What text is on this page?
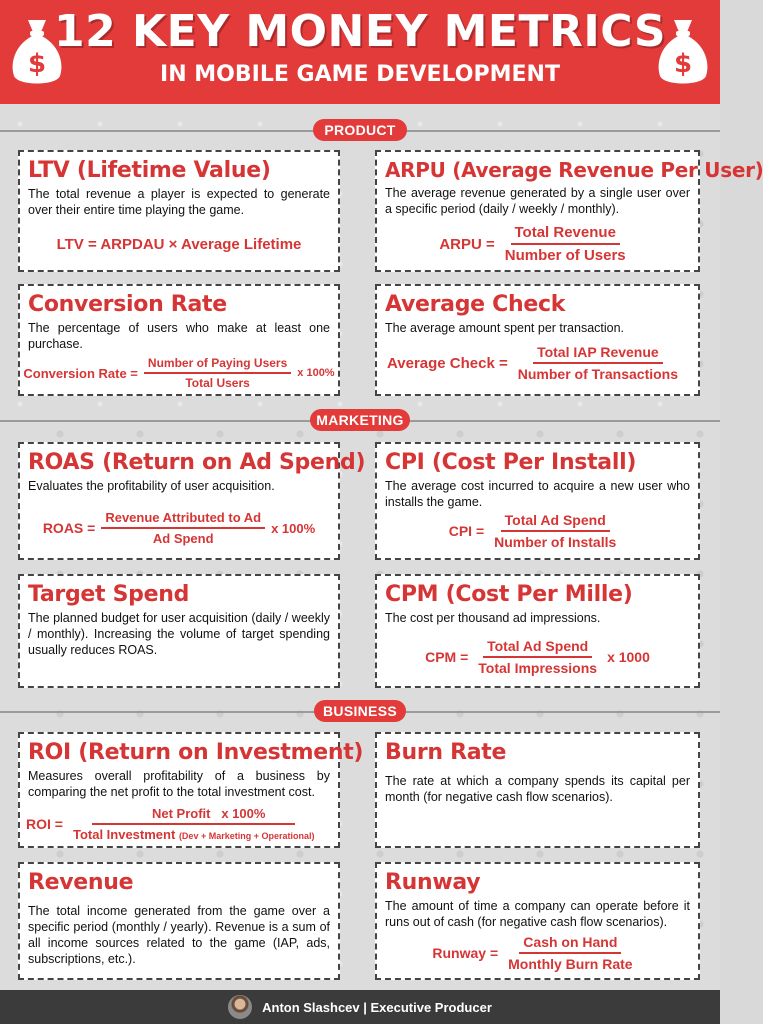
$
12 KEY MONEY METRICS
IN MOBILE GAME DEVELOPMENT	$
PRODUCT
LTV (Lifetime Value)
The total revenue a player is expected to generate over their entire time playing the game.
LTV = ARPDAU × Average Lifetime
ARPU (Average Revenue Per User)
The average revenue generated by a single user over a specific period (daily / weekly / monthly).
ARPU = $\frac{\text{Total Revenue}}{\text{Number of Users}}$
Conversion Rate
The percentage of users who make at least one purchase.
Conversion Rate = $\frac{\text{Number of Paying Users}}{\text{Total Users}}$ x 100%
Average Check
The average amount spent per transaction.
Average Check = $\frac{\text{Total IAP Revenue}}{\text{Number of Transactions}}$
MARKETING
ROAS (Return on Ad Spend)
Evaluates the profitability of user acquisition.
ROAS = $\frac{\text{Revenue Attributed to Ad}}{\text{Ad Spend}}$ x 100%
CPI (Cost Per Install)
The average cost incurred to acquire a new user who installs the game.
CPI = $\frac{\text{Total Ad Spend}}{\text{Number of Installs}}$
Target Spend
The planned budget for user acquisition (daily / weekly / monthly). Increasing the volume of target spending usually reduces ROAS.
CPM (Cost Per Mille)
The cost per thousand ad impressions.
CPM = $\frac{\text{Total Ad Spend}}{\text{Total Impressions}}$ x 1000
BUSINESS
ROI (Return on Investment)
Measures overall profitability of a business by comparing the net profit to the total investment cost.
ROI = $\frac{\text{Net Profit x 100\%}}{\text{Total Investment (Dev + Marketing + Operational)}}$
Burn Rate
The rate at which a company spends its capital per month (for negative cash flow scenarios).
Revenue
The total income generated from the game over a specific period (monthly / yearly). Revenue is a sum of all income sources related to the game (IAP, ads, subscriptions, etc.).
Runway
The amount of time a company can operate before it runs out of cash (for negative cash flow scenarios).
Runway = $\frac{\text{Cash on Hand}}{\text{Monthly Burn Rate}}$
Anton Slashcev | Executive Producer
